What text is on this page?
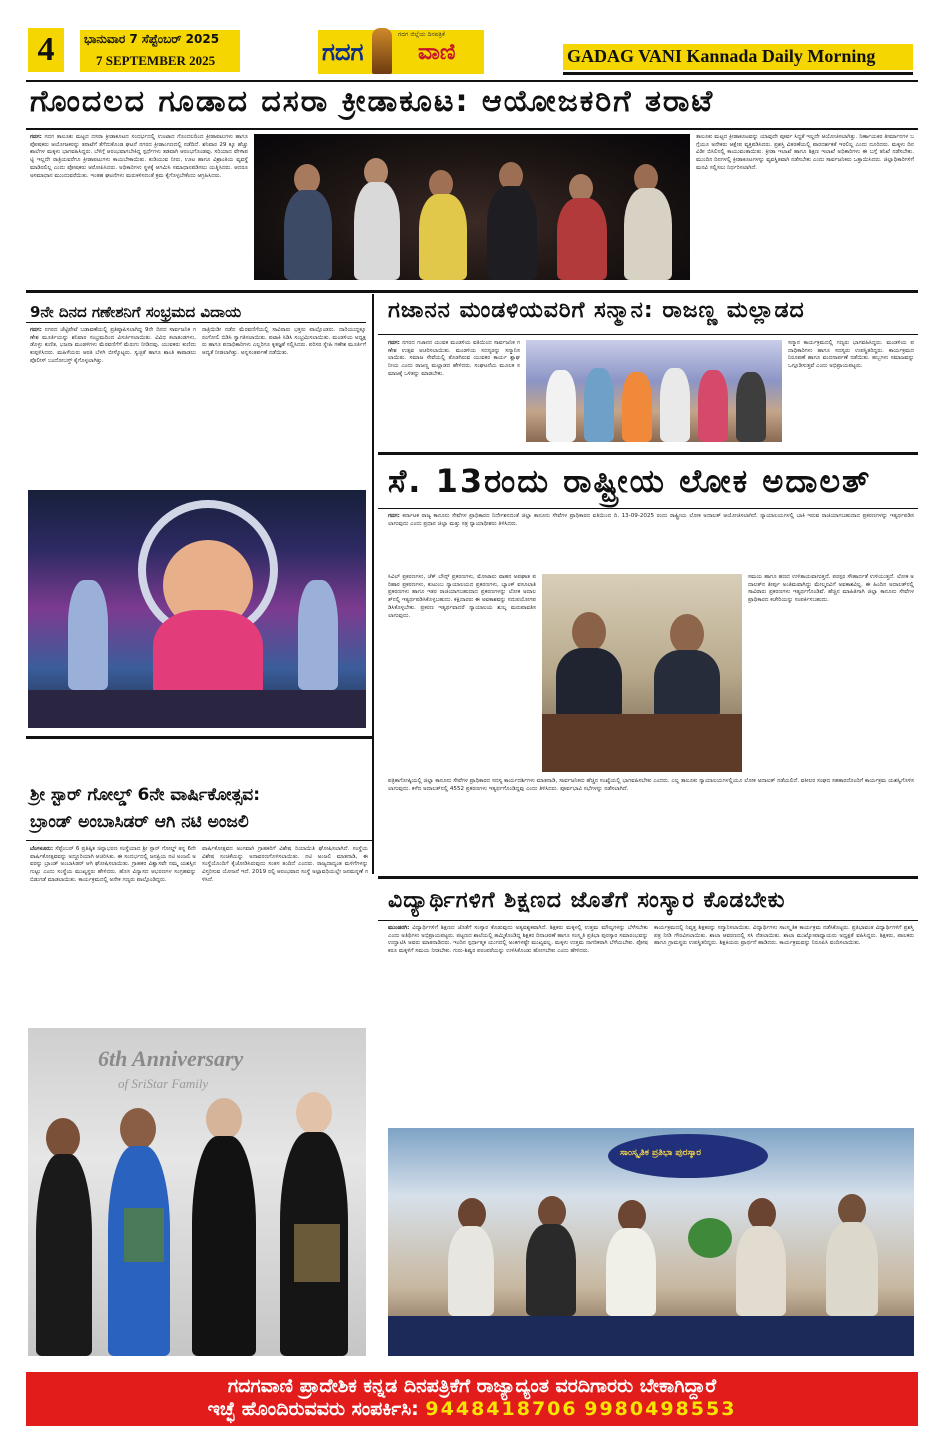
4	ಭಾನುವಾರ 7 ಸೆಪ್ಟೆಂಬರ್ 2025
7 SEPTEMBER 2025	ಗದಗ
ಗದಗ ಜಿಲ್ಲೆಯ ದಿನಪತ್ರಿಕೆ
ವಾಣಿ	GADAG VANI Kannada Daily Morning
ಗೊಂದಲದ ಗೂಡಾದ ದಸರಾ ಕ್ರೀಡಾಕೂಟ: ಆಯೋಜಕರಿಗೆ ತರಾಟೆ
ಗದಗ: ಗದಗ ತಾಲೂಕು ಮಟ್ಟದ ದಸರಾ ಕ್ರೀಡಾಕೂಟದ ಸಂದರ್ಭದಲ್ಲಿ ಉಂಟಾದ ಗೊಂದಲದಿಂದ ಕ್ರೀಡಾಪಟುಗಳು ಹಾಗೂ ಪೋಷಕರು ಆಯೋಜಕರನ್ನು ತರಾಟೆಗೆ ತೆಗೆದುಕೊಂಡ ಘಟನೆ ನಗರದ ಕ್ರೀಡಾಂಗಣದಲ್ಲಿ ನಡೆದಿದೆ. ಶನಿವಾರ 29 ಕ್ಕೂ ಹೆಚ್ಚು ಶಾಲೆಗಳ ಮಕ್ಕಳು ಭಾಗವಹಿಸಿದ್ದರು. ಬೆಳಿಗ್ಗೆ ಆರಂಭವಾಗಬೇಕಿದ್ದ ಸ್ಪರ್ಧೆಗಳು ತಡವಾಗಿ ಆರಂಭಗೊಂಡವು. ಸರಿಯಾದ ವೇಳಾಪಟ್ಟಿ ಇಲ್ಲದೇ ರಾತ್ರಿಯವರೆಗೂ ಕ್ರೀಡಾಪಟುಗಳು ಕಾಯಬೇಕಾಯಿತು. ಕುಡಿಯುವ ನೀರು, ಊಟ ಹಾಗೂ ವಿಶ್ರಾಂತಿಯ ವ್ಯವಸ್ಥೆ ಮಾಡಿರಲಿಲ್ಲ ಎಂದು ಪೋಷಕರು ಆರೋಪಿಸಿದರು. ಅಧಿಕಾರಿಗಳು ಸ್ಥಳಕ್ಕೆ ಆಗಮಿಸಿ ಸಮಾಧಾನಪಡಿಸಲು ಯತ್ನಿಸಿದರು. ಆದರೂ ಅಸಮಾಧಾನ ಮುಂದುವರೆಯಿತು. ಇಂತಹ ಘಟನೆಗಳು ಮರುಕಳಿಸದಂತೆ ಕ್ರಮ ಕೈಗೊಳ್ಳಬೇಕೆಂದು ಆಗ್ರಹಿಸಿದರು.
ತಾಲೂಕು ಮಟ್ಟದ ಕ್ರೀಡಾಕೂಟವನ್ನು ಯಾವುದೇ ಪೂರ್ವ ಸಿದ್ಧತೆ ಇಲ್ಲದೇ ಆಯೋಜಿಸಲಾಗಿತ್ತು. ನಿರ್ಣಾಯಕರ ತೀರ್ಮಾನಗಳ ಬಗ್ಗೆಯೂ ಅನೇಕರು ಆಕ್ಷೇಪ ವ್ಯಕ್ತಪಡಿಸಿದರು. ಪ್ರಶಸ್ತಿ ವಿತರಣೆಯಲ್ಲಿ ಪಾರದರ್ಶಕತೆ ಇರಲಿಲ್ಲ ಎಂದು ದೂರಿದರು. ಮಕ್ಕಳು ದಿನವಿಡೀ ಬಿಸಿಲಿನಲ್ಲಿ ಕಾಯುವಂತಾಯಿತು. ಕ್ರೀಡಾ ಇಲಾಖೆ ಹಾಗೂ ಶಿಕ್ಷಣ ಇಲಾಖೆ ಅಧಿಕಾರಿಗಳು ಈ ಬಗ್ಗೆ ತನಿಖೆ ನಡೆಸಬೇಕು. ಮುಂದಿನ ದಿನಗಳಲ್ಲಿ ಕ್ರೀಡಾಕೂಟಗಳನ್ನು ವ್ಯವಸ್ಥಿತವಾಗಿ ನಡೆಸಬೇಕು ಎಂದು ಸಾರ್ವಜನಿಕರು ಒತ್ತಾಯಿಸಿದರು. ಜಿಲ್ಲಾಧಿಕಾರಿಗಳಿಗೆ ಮನವಿ ಸಲ್ಲಿಸಲು ನಿರ್ಧರಿಸಲಾಗಿದೆ.
9ನೇ ದಿನದ ಗಣೇಶನಿಗೆ ಸಂಭ್ರಮದ ವಿದಾಯ
ಗದಗ: ನಗರದ ಜೆಟ್ಟಿಪೇಟೆ ಬಡಾವಣೆಯಲ್ಲಿ ಪ್ರತಿಷ್ಠಾಪಿಸಲಾಗಿದ್ದ 9ನೇ ದಿನದ ಸಾರ್ವಜನಿಕ ಗಣೇಶ ಮೂರ್ತಿಯನ್ನು ಶನಿವಾರ ಸಂಭ್ರಮದಿಂದ ವಿಸರ್ಜಿಸಲಾಯಿತು. ವಿವಿಧ ಕಲಾತಂಡಗಳು, ಡೊಳ್ಳು ಕುಣಿತ, ಭಜನಾ ಮಂಡಳಿಗಳು ಮೆರವಣಿಗೆಗೆ ಮೆರುಗು ನೀಡಿದವು. ಯುವಕರು ಕುಣಿದು ಕುಪ್ಪಳಿಸಿದರು. ಮಹಿಳೆಯರು ಆರತಿ ಬೆಳಗಿ ಬೀಳ್ಕೊಟ್ಟರು. ಸ್ವಚ್ಛತೆ ಹಾಗೂ ಶಾಂತಿ ಕಾಪಾಡಲು ಪೊಲೀಸ್ ಬಂದೋಬಸ್ತ್ ಕೈಗೊಳ್ಳಲಾಗಿತ್ತು.
ರಾತ್ರಿಯಿಡೀ ನಡೆದ ಮೆರವಣಿಗೆಯಲ್ಲಿ ಸಾವಿರಾರು ಭಕ್ತರು ಪಾಲ್ಗೊಂಡರು. ದಾರಿಯುದ್ದಕ್ಕೂ ರಂಗೋಲಿ ಬಿಡಿಸಿ ಸ್ವಾಗತಿಸಲಾಯಿತು. ಪಟಾಕಿ ಸಿಡಿಸಿ ಸಂಭ್ರಮಿಸಲಾಯಿತು. ಮಂಡಳಿಯ ಅಧ್ಯಕ್ಷರು ಹಾಗೂ ಪದಾಧಿಕಾರಿಗಳು ಎಲ್ಲರಿಗೂ ಕೃತಜ್ಞತೆ ಸಲ್ಲಿಸಿದರು. ಪರಿಸರ ಸ್ನೇಹಿ ಗಣೇಶ ಮೂರ್ತಿಗೆ ಆದ್ಯತೆ ನೀಡಲಾಗಿತ್ತು. ಅನ್ನಸಂತರ್ಪಣೆ ನಡೆಯಿತು.
ಗಜಾನನ ಮಂಡಳಿಯವರಿಗೆ ಸನ್ಮಾನ: ರಾಜಣ್ಣ ಮಲ್ಲಾಡದ
ಗದಗ: ನಗರದ ಗಜಾನನ ಯುವಕ ಮಂಡಳಿಯ ವತಿಯಿಂದ ಸಾರ್ವಜನಿಕ ಗಣೇಶ ಉತ್ಸವ ಆಚರಿಸಲಾಯಿತು. ಮಂಡಳಿಯ ಸದಸ್ಯರನ್ನು ಸನ್ಮಾನಿಸಲಾಯಿತು. ಸಮಾಜ ಸೇವೆಯಲ್ಲಿ ತೊಡಗಿರುವ ಯುವಕರ ಕಾರ್ಯ ಶ್ಲಾಘನೀಯ ಎಂದು ರಾಜಣ್ಣ ಮಲ್ಲಾಡದ ಹೇಳಿದರು. ಸಂಘಟನೆಯ ಮೂಲಕ ಸಮಾಜಕ್ಕೆ ಒಳಿತನ್ನು ಮಾಡಬೇಕು.
ಸನ್ಮಾನ ಕಾರ್ಯಕ್ರಮದಲ್ಲಿ ಗಣ್ಯರು ಭಾಗವಹಿಸಿದ್ದರು. ಮಂಡಳಿಯ ಪದಾಧಿಕಾರಿಗಳು ಹಾಗೂ ಸದಸ್ಯರು ಉಪಸ್ಥಿತರಿದ್ದರು. ಕಾರ್ಯಕ್ರಮದ ನಿರೂಪಣೆ ಹಾಗೂ ವಂದನಾರ್ಪಣೆ ನಡೆಯಿತು. ಹಬ್ಬಗಳು ಸಮಾಜವನ್ನು ಒಗ್ಗೂಡಿಸುತ್ತವೆ ಎಂದು ಅಭಿಪ್ರಾಯಪಟ್ಟರು.
ಸೆ. 13ರಂದು ರಾಷ್ಟ್ರೀಯ ಲೋಕ ಅದಾಲತ್
ಗದಗ: ಕರ್ನಾಟಕ ರಾಜ್ಯ ಕಾನೂನು ಸೇವೆಗಳ ಪ್ರಾಧಿಕಾರದ ನಿರ್ದೇಶನದಂತೆ ಜಿಲ್ಲಾ ಕಾನೂನು ಸೇವೆಗಳ ಪ್ರಾಧಿಕಾರದ ವತಿಯಿಂದ ದಿ. 13-09-2025 ರಂದು ರಾಷ್ಟ್ರೀಯ ಲೋಕ ಅದಾಲತ್ ಆಯೋಜಿಸಲಾಗಿದೆ. ನ್ಯಾಯಾಲಯಗಳಲ್ಲಿ ಬಾಕಿ ಇರುವ ರಾಜಿಯಾಗಬಹುದಾದ ಪ್ರಕರಣಗಳನ್ನು ಇತ್ಯರ್ಥಪಡಿಸಲಾಗುವುದು ಎಂದು ಪ್ರಧಾನ ಜಿಲ್ಲಾ ಮತ್ತು ಸತ್ರ ನ್ಯಾಯಾಧೀಶರು ತಿಳಿಸಿದರು.
ಸಿವಿಲ್ ಪ್ರಕರಣಗಳು, ಚೆಕ್ ಬೌನ್ಸ್ ಪ್ರಕರಣಗಳು, ಮೋಟಾರು ವಾಹನ ಅಪಘಾತ ಪರಿಹಾರ ಪ್ರಕರಣಗಳು, ಕುಟುಂಬ ನ್ಯಾಯಾಲಯದ ಪ್ರಕರಣಗಳು, ಬ್ಯಾಂಕ್ ವಸೂಲಾತಿ ಪ್ರಕರಣಗಳು ಹಾಗೂ ಇತರ ರಾಜಿಯಾಗಬಹುದಾದ ಪ್ರಕರಣಗಳನ್ನು ಲೋಕ ಅದಾಲತ್‌ನಲ್ಲಿ ಇತ್ಯರ್ಥಪಡಿಸಿಕೊಳ್ಳಬಹುದು. ಕಕ್ಷಿದಾರರು ಈ ಅವಕಾಶವನ್ನು ಸದುಪಯೋಗಪಡಿಸಿಕೊಳ್ಳಬೇಕು. ಪ್ರಕರಣ ಇತ್ಯರ್ಥವಾದರೆ ನ್ಯಾಯಾಲಯ ಶುಲ್ಕ ಮರುಪಾವತಿಸಲಾಗುವುದು.
ಸಮಯ ಹಾಗೂ ಹಣದ ಉಳಿತಾಯವಾಗುತ್ತದೆ. ಪರಸ್ಪರ ಸೌಹಾರ್ದತೆ ಉಳಿಯುತ್ತದೆ. ಲೋಕ ಅದಾಲತ್‌ನ ತೀರ್ಪು ಅಂತಿಮವಾಗಿದ್ದು ಮೇಲ್ಮನವಿಗೆ ಅವಕಾಶವಿಲ್ಲ. ಈ ಹಿಂದಿನ ಅದಾಲತ್‌ನಲ್ಲಿ ಸಾವಿರಾರು ಪ್ರಕರಣಗಳು ಇತ್ಯರ್ಥಗೊಂಡಿವೆ. ಹೆಚ್ಚಿನ ಮಾಹಿತಿಗಾಗಿ ಜಿಲ್ಲಾ ಕಾನೂನು ಸೇವೆಗಳ ಪ್ರಾಧಿಕಾರದ ಕಚೇರಿಯನ್ನು ಸಂಪರ್ಕಿಸಬಹುದು.
ಪತ್ರಿಕಾಗೋಷ್ಠಿಯಲ್ಲಿ ಜಿಲ್ಲಾ ಕಾನೂನು ಸೇವೆಗಳ ಪ್ರಾಧಿಕಾರದ ಸದಸ್ಯ ಕಾರ್ಯದರ್ಶಿಗಳು ಮಾತನಾಡಿ, ಸಾರ್ವಜನಿಕರು ಹೆಚ್ಚಿನ ಸಂಖ್ಯೆಯಲ್ಲಿ ಭಾಗವಹಿಸಬೇಕು ಎಂದರು. ಎಲ್ಲ ತಾಲೂಕು ನ್ಯಾಯಾಲಯಗಳಲ್ಲಿಯೂ ಲೋಕ ಅದಾಲತ್ ನಡೆಯಲಿದೆ. ವಕೀಲರ ಸಂಘದ ಸಹಕಾರದೊಂದಿಗೆ ಕಾರ್ಯಕ್ರಮ ಯಶಸ್ವಿಗೊಳಿಸಲಾಗುವುದು. ಕಳೆದ ಅದಾಲತ್‌ನಲ್ಲಿ 4552 ಪ್ರಕರಣಗಳು ಇತ್ಯರ್ಥಗೊಂಡಿದ್ದವು ಎಂದು ತಿಳಿಸಿದರು. ಪೂರ್ವಭಾವಿ ಸಭೆಗಳನ್ನು ನಡೆಸಲಾಗಿದೆ.
ಶ್ರೀ ಸ್ಟಾರ್ ಗೋಲ್ಡ್ 6ನೇ ವಾರ್ಷಿಕೋತ್ಸವ:
ಬ್ರಾಂಡ್ ಅಂಬಾಸಿಡರ್ ಆಗಿ ನಟಿ ಅಂಜಲಿ
ಬೆಂಗಳೂರು: ಸೆಪ್ಟೆಂಬರ್ 6 ಪ್ರತಿಷ್ಠಿತ ಚಿನ್ನಾಭರಣ ಸಂಸ್ಥೆಯಾದ ಶ್ರೀ ಸ್ಟಾರ್ ಗೋಲ್ಡ್ ತನ್ನ 6ನೇ ವಾರ್ಷಿಕೋತ್ಸವವನ್ನು ಅದ್ದೂರಿಯಾಗಿ ಆಚರಿಸಿತು. ಈ ಸಂದರ್ಭದಲ್ಲಿ ಜನಪ್ರಿಯ ನಟಿ ಅಂಜಲಿ ಅವರನ್ನು ಬ್ರಾಂಡ್ ಅಂಬಾಸಿಡರ್ ಆಗಿ ಘೋಷಿಸಲಾಯಿತು. ಗ್ರಾಹಕರ ವಿಶ್ವಾಸವೇ ನಮ್ಮ ಯಶಸ್ಸಿನ ಗುಟ್ಟು ಎಂದು ಸಂಸ್ಥೆಯ ಮುಖ್ಯಸ್ಥರು ಹೇಳಿದರು. ಹೊಸ ವಿನ್ಯಾಸದ ಆಭರಣಗಳ ಸಂಗ್ರಹವನ್ನು ಬಿಡುಗಡೆ ಮಾಡಲಾಯಿತು. ಕಾರ್ಯಕ್ರಮದಲ್ಲಿ ಅನೇಕ ಗಣ್ಯರು ಪಾಲ್ಗೊಂಡಿದ್ದರು.
ವಾರ್ಷಿಕೋತ್ಸವದ ಅಂಗವಾಗಿ ಗ್ರಾಹಕರಿಗೆ ವಿಶೇಷ ರಿಯಾಯಿತಿ ಘೋಷಿಸಲಾಗಿದೆ. ಸಂಸ್ಥೆಯ ವಿಶೇಷ ಸಂಚಿಕೆಯನ್ನು ಅನಾವರಣಗೊಳಿಸಲಾಯಿತು. ನಟಿ ಅಂಜಲಿ ಮಾತನಾಡಿ, ಈ ಸಂಸ್ಥೆಯೊಂದಿಗೆ ಕೈಜೋಡಿಸಿರುವುದು ಸಂತಸ ತಂದಿದೆ ಎಂದರು. ರಾಜ್ಯದಾದ್ಯಂತ ಮಳಿಗೆಗಳನ್ನು ವಿಸ್ತರಿಸುವ ಯೋಜನೆ ಇದೆ. 2019 ರಲ್ಲಿ ಆರಂಭವಾದ ಸಂಸ್ಥೆ ಅಲ್ಪಾವಧಿಯಲ್ಲೇ ಜನಮನ್ನಣೆ ಗಳಿಸಿದೆ.
6th Anniversary
of SriStar Family
ವಿದ್ಯಾರ್ಥಿಗಳಿಗೆ ಶಿಕ್ಷಣದ ಜೊತೆಗೆ ಸಂಸ್ಕಾರ ಕೊಡಬೇಕು
ಮುಂಡರಗಿ: ವಿದ್ಯಾರ್ಥಿಗಳಿಗೆ ಶಿಕ್ಷಣದ ಜೊತೆಗೆ ಸಂಸ್ಕಾರ ಕೊಡುವುದು ಅತ್ಯವಶ್ಯಕವಾಗಿದೆ. ಶಿಕ್ಷಕರು ಮಕ್ಕಳಲ್ಲಿ ಉತ್ತಮ ಮೌಲ್ಯಗಳನ್ನು ಬೆಳೆಸಬೇಕು ಎಂದು ಅತಿಥಿಗಳು ಅಭಿಪ್ರಾಯಪಟ್ಟರು. ಪಟ್ಟಣದ ಶಾಲೆಯಲ್ಲಿ ಹಮ್ಮಿಕೊಂಡಿದ್ದ ಶಿಕ್ಷಕರ ದಿನಾಚರಣೆ ಹಾಗೂ ಸಂಸ್ಕೃತಿ ಪ್ರತಿಭಾ ಪುರಸ್ಕಾರ ಸಮಾರಂಭವನ್ನು ಉದ್ಘಾಟಿಸಿ ಅವರು ಮಾತನಾಡಿದರು. ಇಂದಿನ ಸ್ಪರ್ಧಾತ್ಮಕ ಯುಗದಲ್ಲಿ ಅಂಕಗಳಷ್ಟೇ ಮುಖ್ಯವಲ್ಲ. ಮಕ್ಕಳು ಉತ್ತಮ ನಾಗರಿಕರಾಗಿ ಬೆಳೆಯಬೇಕು. ಪೋಷಕರೂ ಮಕ್ಕಳಿಗೆ ಸಮಯ ನೀಡಬೇಕು. ಗುರು-ಶಿಷ್ಯರ ಪರಂಪರೆಯನ್ನು ಉಳಿಸಿಕೊಂಡು ಹೋಗಬೇಕು ಎಂದು ಹೇಳಿದರು.
ಕಾರ್ಯಕ್ರಮದಲ್ಲಿ ನಿವೃತ್ತ ಶಿಕ್ಷಕರನ್ನು ಸನ್ಮಾನಿಸಲಾಯಿತು. ವಿದ್ಯಾರ್ಥಿಗಳು ಸಾಂಸ್ಕೃತಿಕ ಕಾರ್ಯಕ್ರಮ ನಡೆಸಿಕೊಟ್ಟರು. ಪ್ರತಿಭಾವಂತ ವಿದ್ಯಾರ್ಥಿಗಳಿಗೆ ಪ್ರಶಸ್ತಿ ಪತ್ರ ನೀಡಿ ಗೌರವಿಸಲಾಯಿತು. ಶಾಲಾ ಆವರಣದಲ್ಲಿ ಸಸಿ ನೆಡಲಾಯಿತು. ಶಾಲಾ ಮುಖ್ಯೋಪಾಧ್ಯಾಯರು ಅಧ್ಯಕ್ಷತೆ ವಹಿಸಿದ್ದರು. ಶಿಕ್ಷಕರು, ಪಾಲಕರು ಹಾಗೂ ಗ್ರಾಮಸ್ಥರು ಉಪಸ್ಥಿತರಿದ್ದರು. ಶಿಕ್ಷಕಿಯರು ಪ್ರಾರ್ಥನೆ ಹಾಡಿದರು. ಕಾರ್ಯಕ್ರಮವನ್ನು ನಿರೂಪಿಸಿ ವಂದಿಸಲಾಯಿತು.
ಸಾಂಸ್ಕೃತಿಕ ಪ್ರತಿಭಾ ಪುರಸ್ಕಾರ
ಗದಗವಾಣಿ ಪ್ರಾದೇಶಿಕ ಕನ್ನಡ ದಿನಪತ್ರಿಕೆಗೆ ರಾಜ್ಯಾದ್ಯಂತ ವರದಿಗಾರರು ಬೇಕಾಗಿದ್ದಾರೆ
ಇಚ್ಛೆ ಹೊಂದಿರುವವರು ಸಂಪರ್ಕಿಸಿ: 9448418706 9980498553
